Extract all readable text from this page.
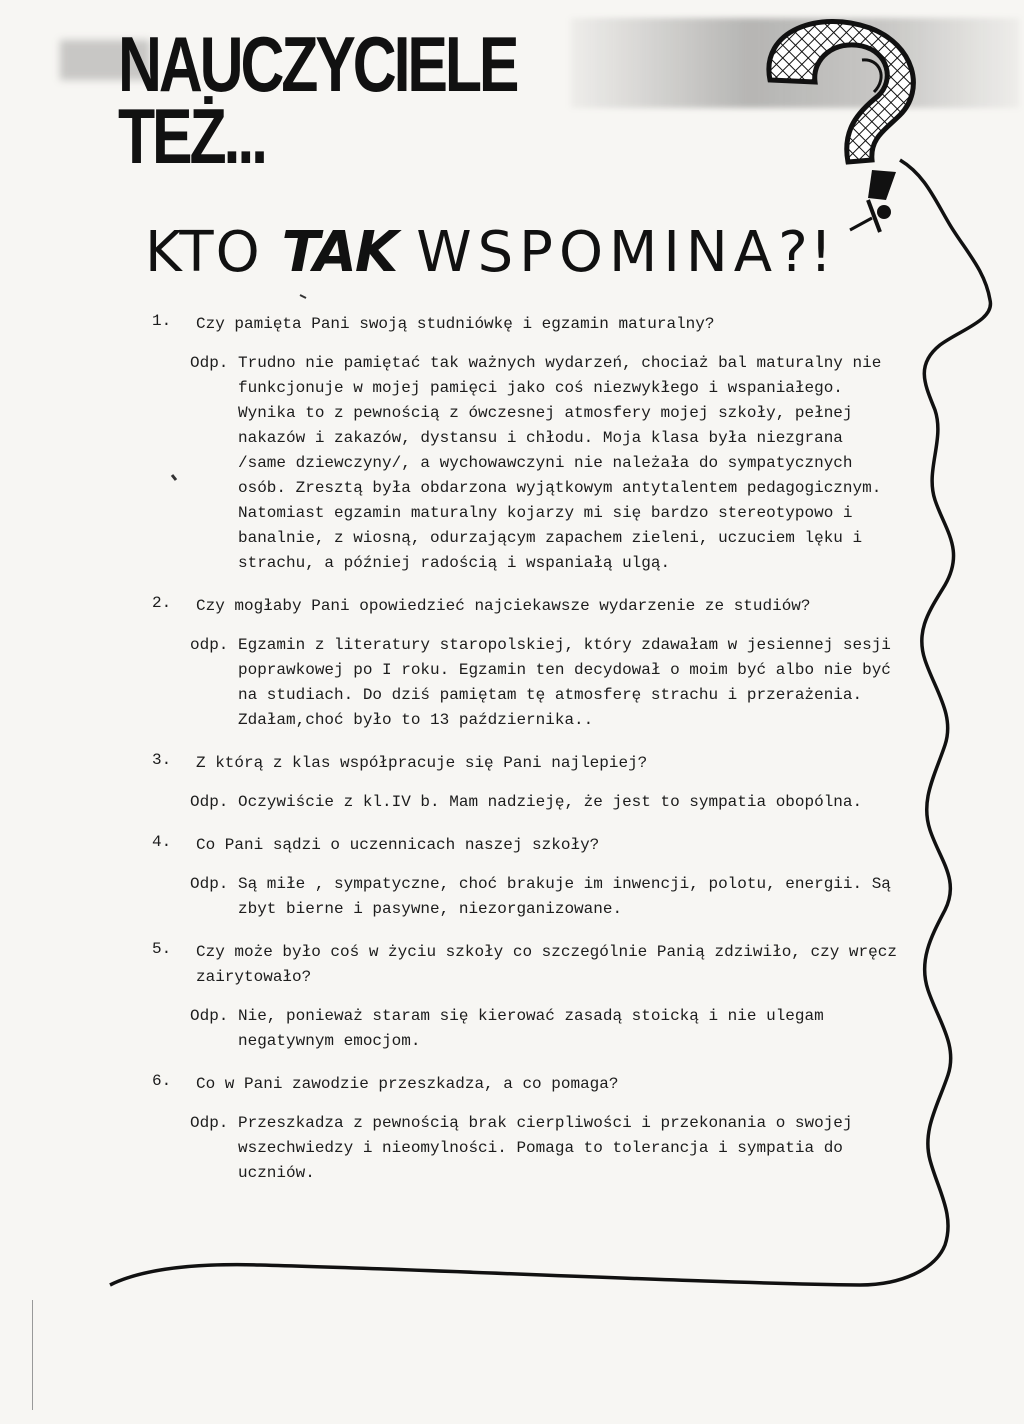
NAUCZYCIELE
TEŻ...
KTO TAK WSPOMINA?!
1. Czy pamięta Pani swoją studniówkę i egzamin maturalny?
Odp. Trudno nie pamiętać tak ważnych wydarzeń, chociaż bal maturalny nie funkcjonuje w mojej pamięci jako coś niezwykłego i wspaniałego. Wynika to z pewnością z ówczesnej atmosfery mojej szkoły, pełnej nakazów i zakazów, dystansu i chłodu. Moja klasa była niezgrana /same dziewczyny/, a wychowawczyni nie należała do sympatycznych osób. Zresztą była obdarzona wyjątkowym antytalentem pedagogicznym. Natomiast egzamin maturalny kojarzy mi się bardzo stereotypowo i banalnie, z wiosną, odurzającym zapachem zieleni, uczuciem lęku i strachu, a później radością i wspaniałą ulgą.
2. Czy mogłaby Pani opowiedzieć najciekawsze wydarzenie ze studiów?
odp. Egzamin z literatury staropolskiej, który zdawałam w jesiennej sesji poprawkowej po I roku. Egzamin ten decydował o moim być albo nie być na studiach. Do dziś pamiętam tę atmosferę strachu i przerażenia. Zdałam,choć było to 13 października..
3. Z którą z klas współpracuje się Pani najlepiej?
Odp. Oczywiście z kl.IV b. Mam nadzieję, że jest to sympatia obopólna.
4. Co Pani sądzi o uczennicach naszej szkoły?
Odp. Są miłe , sympatyczne, choć brakuje im inwencji, polotu, energii. Są zbyt bierne i pasywne, niezorganizowane.
5. Czy może było coś w życiu szkoły co szczególnie Panią zdziwiło, czy wręcz zairytowało?
Odp. Nie, ponieważ staram się kierować zasadą stoicką i nie ulegam negatywnym emocjom.
6. Co w Pani zawodzie przeszkadza, a co pomaga?
Odp. Przeszkadza z pewnością brak cierpliwości i przekonania o swojej wszechwiedzy i nieomylności. Pomaga to tolerancja i sympatia do uczniów.
